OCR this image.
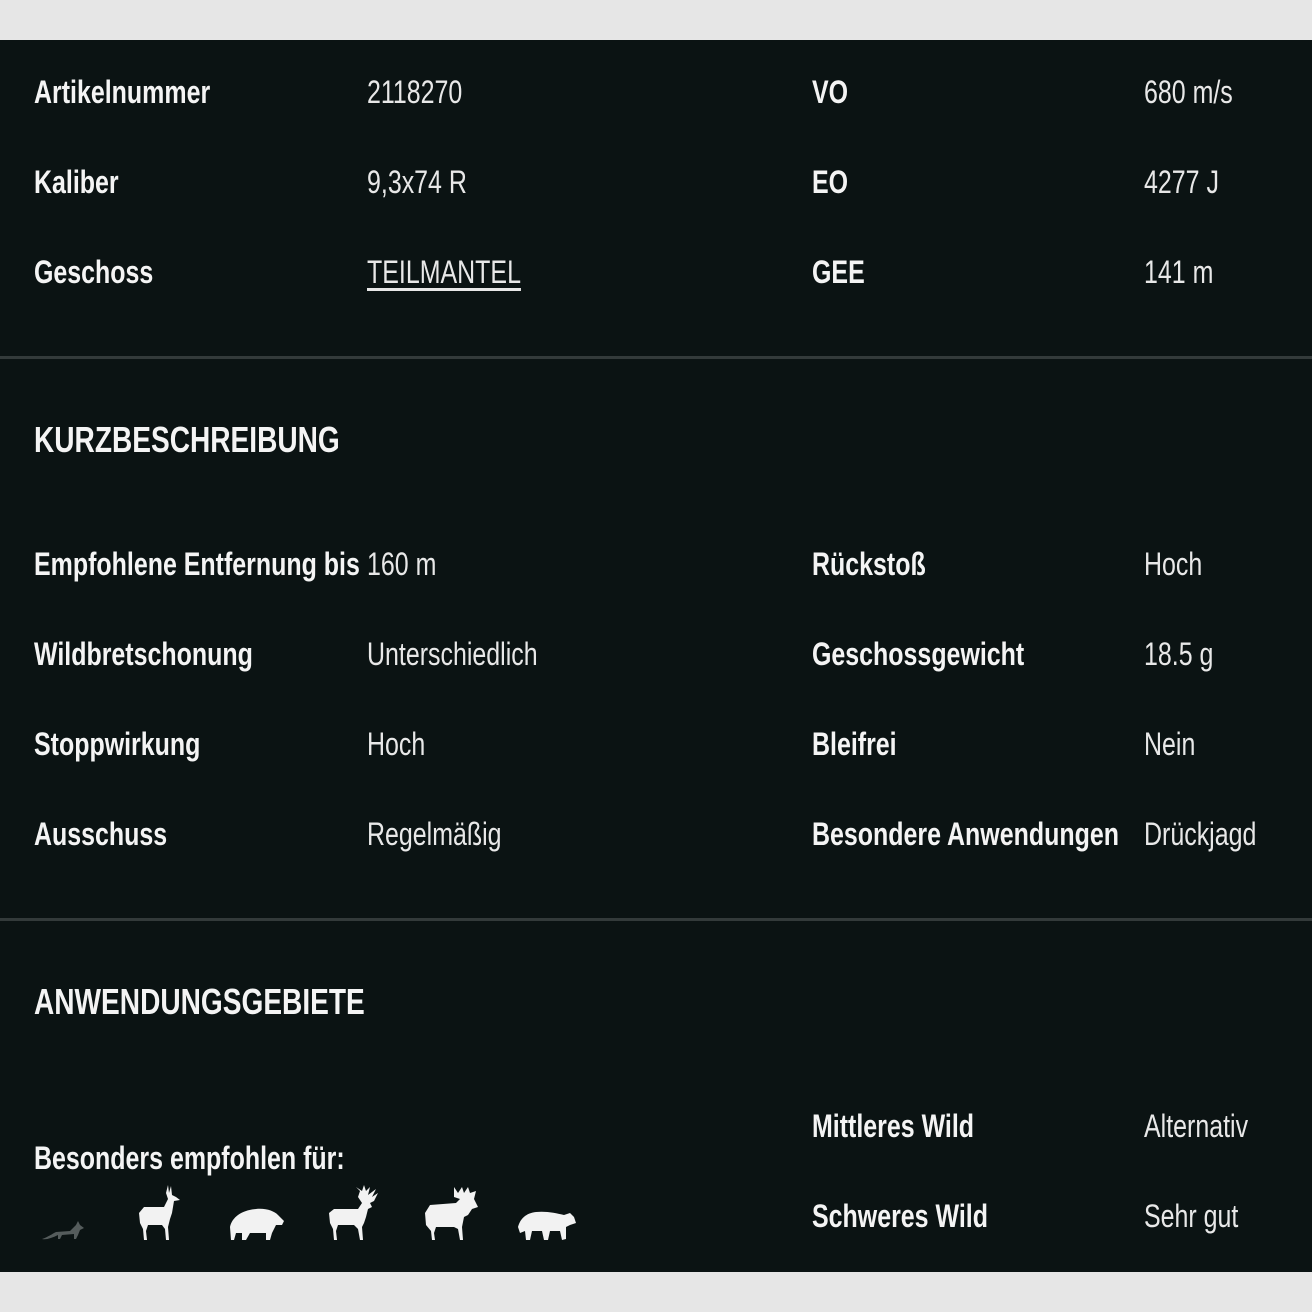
Artikelnummer	2118270
Kaliber	9,3x74 R
Geschoss	TEILMANTEL
VO	680 m/s
EO	4277 J
GEE	141 m
KURZBESCHREIBUNG
Empfohlene Entfernung bis 160 m
Wildbretschonung	Unterschiedlich
Stoppwirkung	Hoch
Ausschuss	Regelmäßig
Rückstoß	Hoch
Geschossgewicht	18.5 g
Bleifrei	Nein
Besondere Anwendungen Drückjagd
ANWENDUNGSGEBIETE
Besonders empfohlen für:
Mittleres Wild	Alternativ
Schweres Wild	Sehr gut
